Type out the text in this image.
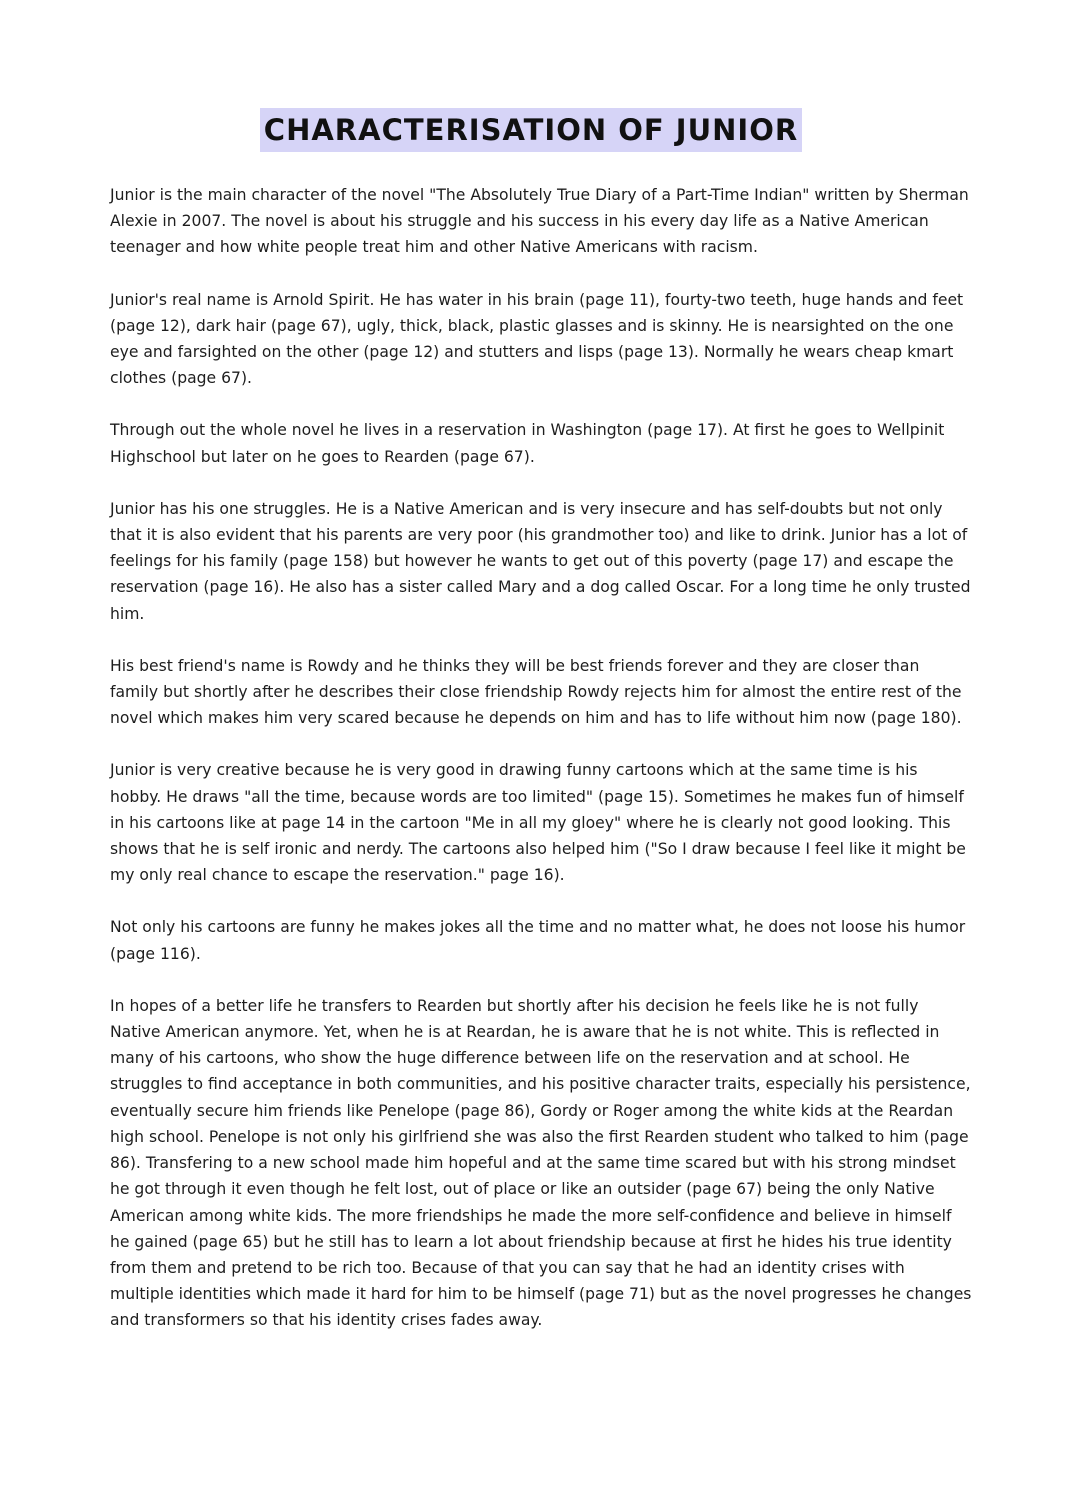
CHARACTERISATION OF JUNIOR

Junior is the main character of the novel "The Absolutely True Diary of a Part-Time Indian" written by Sherman Alexie in 2007. The novel is about his struggle and his success in his every day life as a Native American teenager and how white people treat him and other Native Americans with racism.

Junior's real name is Arnold Spirit. He has water in his brain (page 11), fourty-two teeth, huge hands and feet (page 12), dark hair (page 67), ugly, thick, black, plastic glasses and is skinny. He is nearsighted on the one eye and farsighted on the other (page 12) and stutters and lisps (page 13). Normally he wears cheap kmart clothes (page 67).

Through out the whole novel he lives in a reservation in Washington (page 17). At first he goes to Wellpinit Highschool but later on he goes to Rearden (page 67).

Junior has his one struggles. He is a Native American and is very insecure and has self-doubts but not only that it is also evident that his parents are very poor (his grandmother too) and like to drink. Junior has a lot of feelings for his family (page 158) but however he wants to get out of this poverty (page 17) and escape the reservation (page 16). He also has a sister called Mary and a dog called Oscar. For a long time he only trusted him.

His best friend's name is Rowdy and he thinks they will be best friends forever and they are closer than family but shortly after he describes their close friendship Rowdy rejects him for almost the entire rest of the novel which makes him very scared because he depends on him and has to life without him now (page 180).

Junior is very creative because he is very good in drawing funny cartoons which at the same time is his hobby. He draws "all the time, because words are too limited" (page 15). Sometimes he makes fun of himself in his cartoons like at page 14 in the cartoon "Me in all my gloey" where he is clearly not good looking. This shows that he is self ironic and nerdy. The cartoons also helped him ("So I draw because I feel like it might be my only real chance to escape the reservation." page 16).

Not only his cartoons are funny he makes jokes all the time and no matter what, he does not loose his humor (page 116).

In hopes of a better life he transfers to Rearden but shortly after his decision he feels like he is not fully Native American anymore. Yet, when he is at Reardan, he is aware that he is not white. This is reflected in many of his cartoons, who show the huge difference between life on the reservation and at school. He struggles to find acceptance in both communities, and his positive character traits, especially his persistence, eventually secure him friends like Penelope (page 86), Gordy or Roger among the white kids at the Reardan high school. Penelope is not only his girlfriend she was also the first Rearden student who talked to him (page 86). Transfering to a new school made him hopeful and at the same time scared but with his strong mindset he got through it even though he felt lost, out of place or like an outsider (page 67) being the only Native American among white kids. The more friendships he made the more self-confidence and believe in himself he gained (page 65) but he still has to learn a lot about friendship because at first he hides his true identity from them and pretend to be rich too. Because of that you can say that he had an identity crises with multiple identities which made it hard for him to be himself (page 71) but as the novel progresses he changes and transformers so that his identity crises fades away.
